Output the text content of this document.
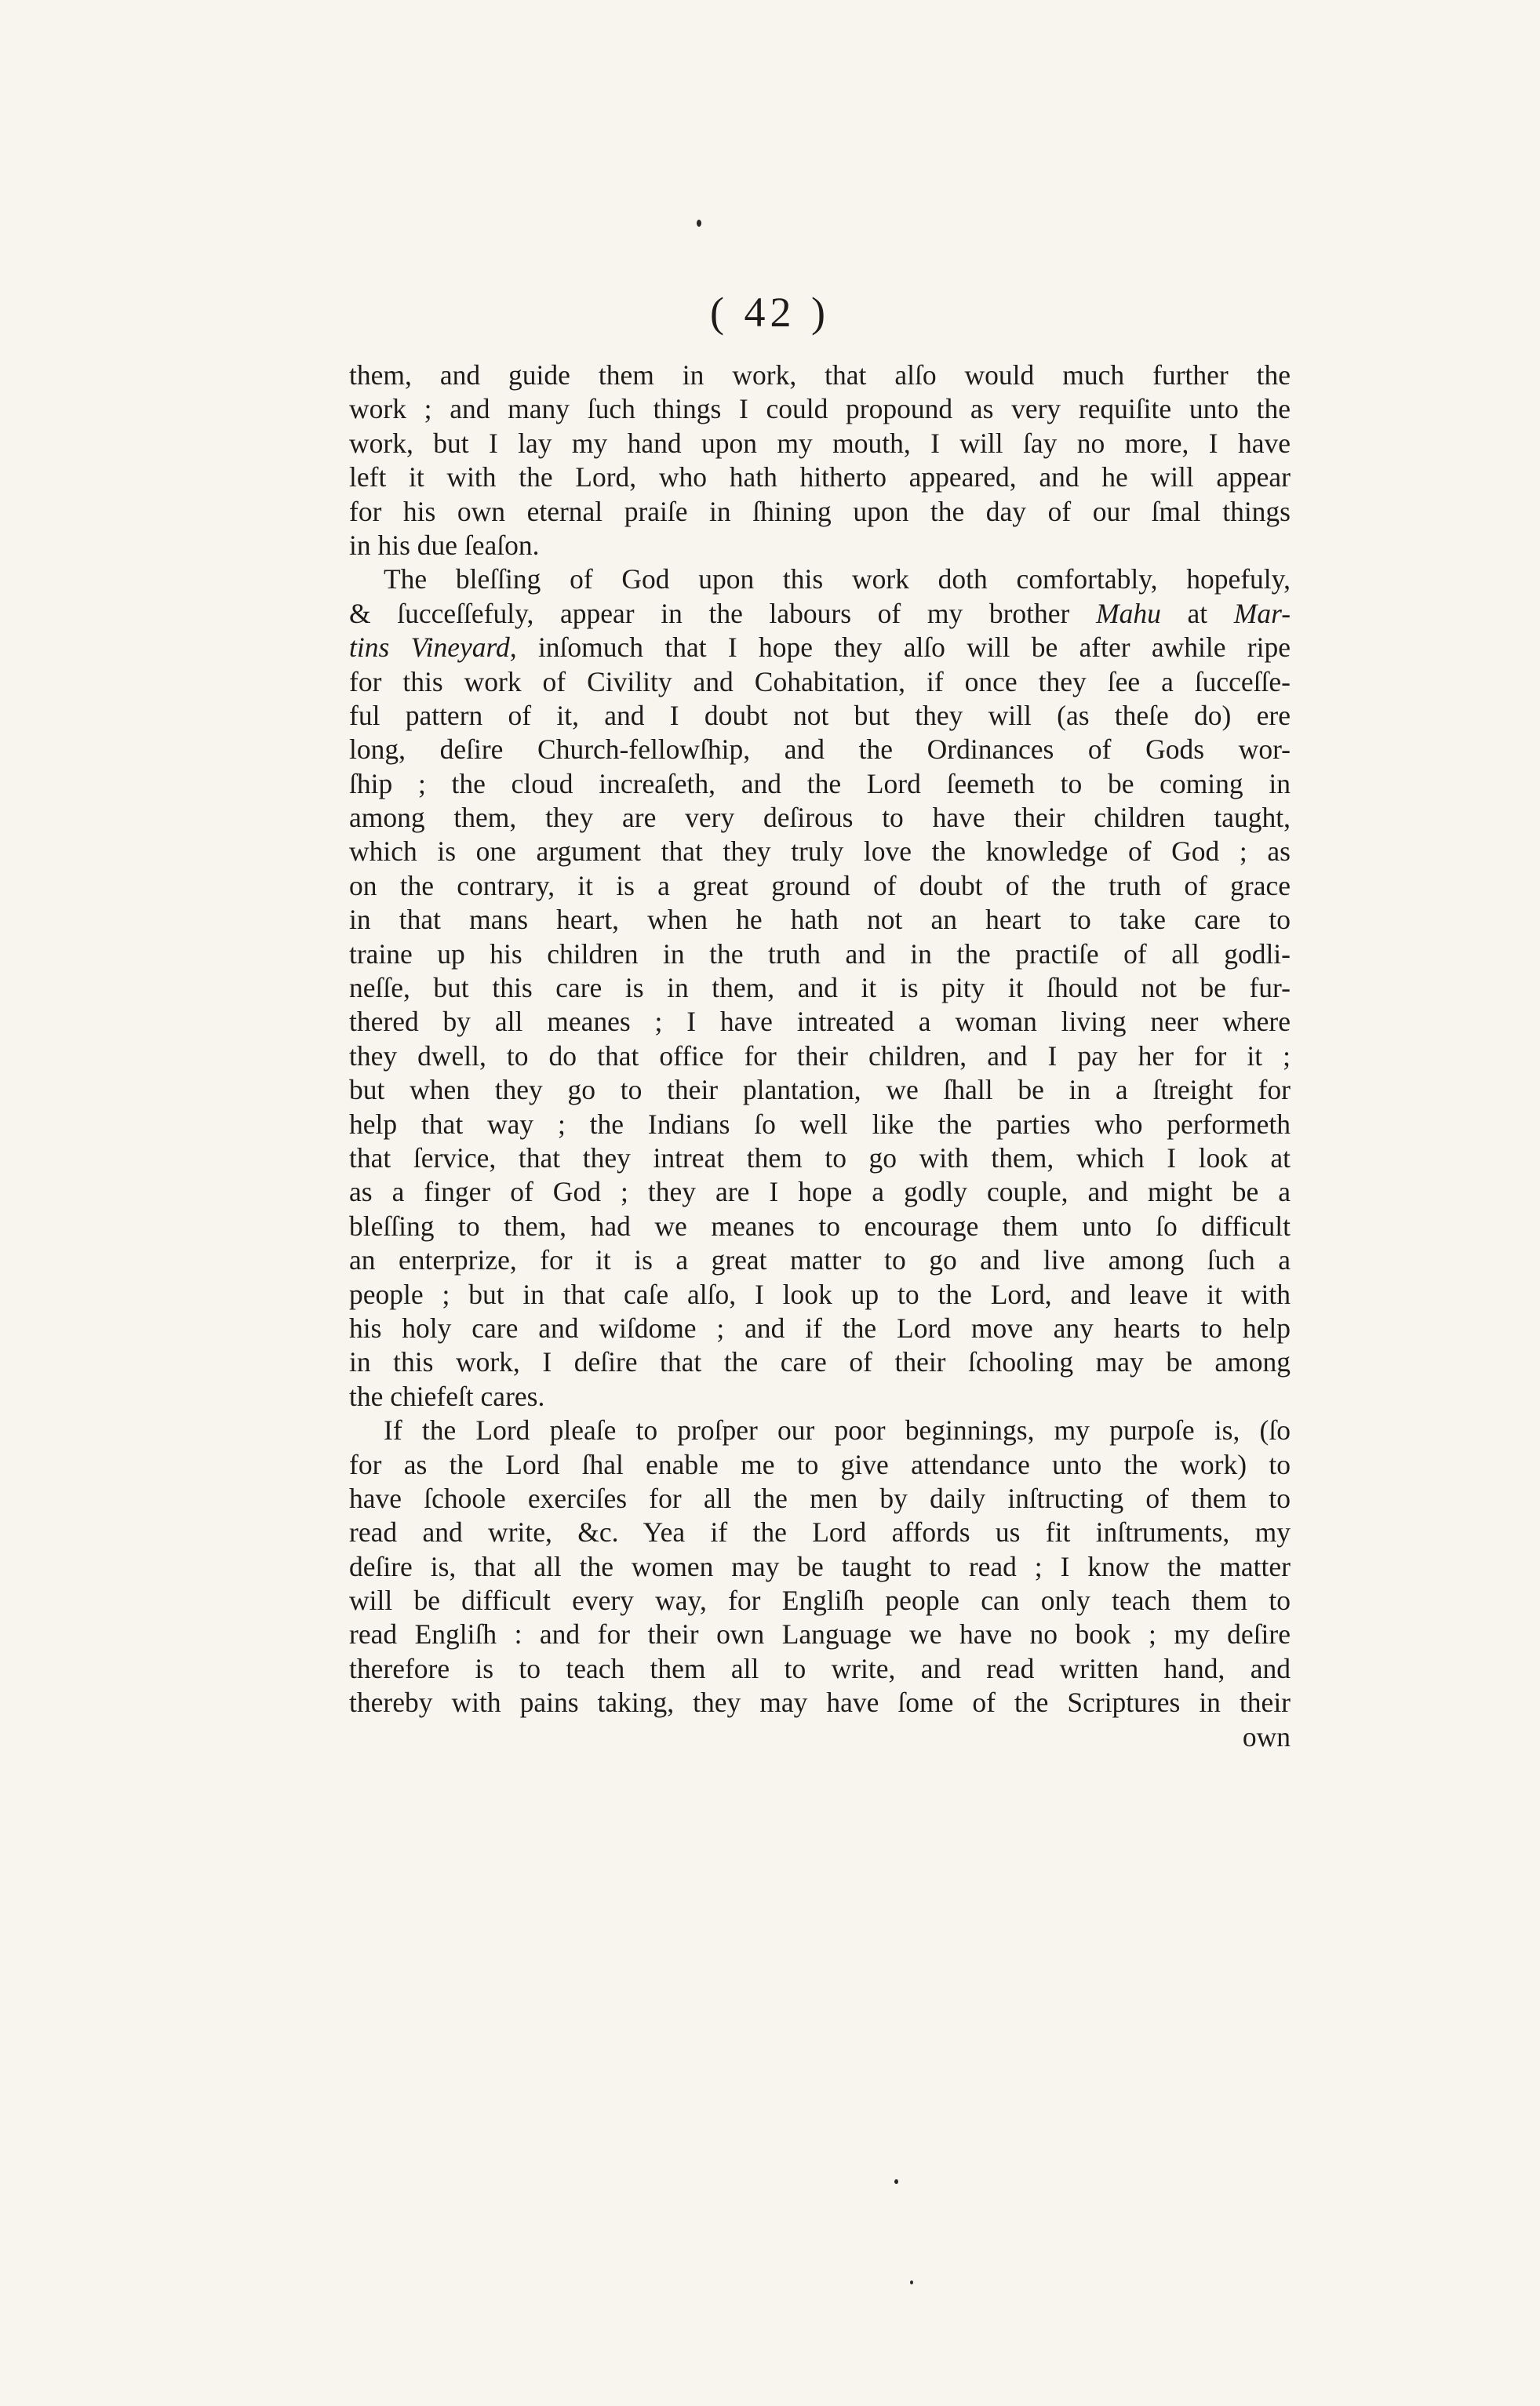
( 42 )
them, and guide them in work, that alſo would much further the
work ; and many ſuch things I could propound as very requiſite unto the
work, but I lay my hand upon my mouth, I will ſay no more, I have
left it with the Lord, who hath hitherto appeared, and he will appear
for his own eternal praiſe in ſhining upon the day of our ſmal things
in his due ſeaſon.
The bleſſing of God upon this work doth comfortably, hopefuly,
& ſucceſſefuly, appear in the labours of my brother Mahu at Mar-
tins Vineyard, inſomuch that I hope they alſo will be after awhile ripe
for this work of Civility and Cohabitation, if once they ſee a ſucceſſe-
ful pattern of it, and I doubt not but they will (as theſe do) ere
long, deſire Church-fellowſhip, and the Ordinances of Gods wor-
ſhip ; the cloud increaſeth, and the Lord ſeemeth to be coming in
among them, they are very deſirous to have their children taught,
which is one argument that they truly love the knowledge of God ; as
on the contrary, it is a great ground of doubt of the truth of grace
in that mans heart, when he hath not an heart to take care to
traine up his children in the truth and in the practiſe of all godli-
neſſe, but this care is in them, and it is pity it ſhould not be fur-
thered by all meanes ; I have intreated a woman living neer where
they dwell, to do that office for their children, and I pay her for it ;
but when they go to their plantation, we ſhall be in a ſtreight for
help that way ; the Indians ſo well like the parties who performeth
that ſervice, that they intreat them to go with them, which I look at
as a finger of God ; they are I hope a godly couple, and might be a
bleſſing to them, had we meanes to encourage them unto ſo difficult
an enterprize, for it is a great matter to go and live among ſuch a
people ; but in that caſe alſo, I look up to the Lord, and leave it with
his holy care and wiſdome ; and if the Lord move any hearts to help
in this work, I deſire that the care of their ſchooling may be among
the chiefeſt cares.
If the Lord pleaſe to proſper our poor beginnings, my purpoſe is, (ſo
for as the Lord ſhal enable me to give attendance unto the work) to
have ſchoole exerciſes for all the men by daily inſtructing of them to
read and write, &c. Yea if the Lord affords us fit inſtruments, my
deſire is, that all the women may be taught to read ; I know the matter
will be difficult every way, for Engliſh people can only teach them to
read Engliſh : and for their own Language we have no book ; my deſire
therefore is to teach them all to write, and read written hand, and
thereby with pains taking, they may have ſome of the Scriptures in their
own
